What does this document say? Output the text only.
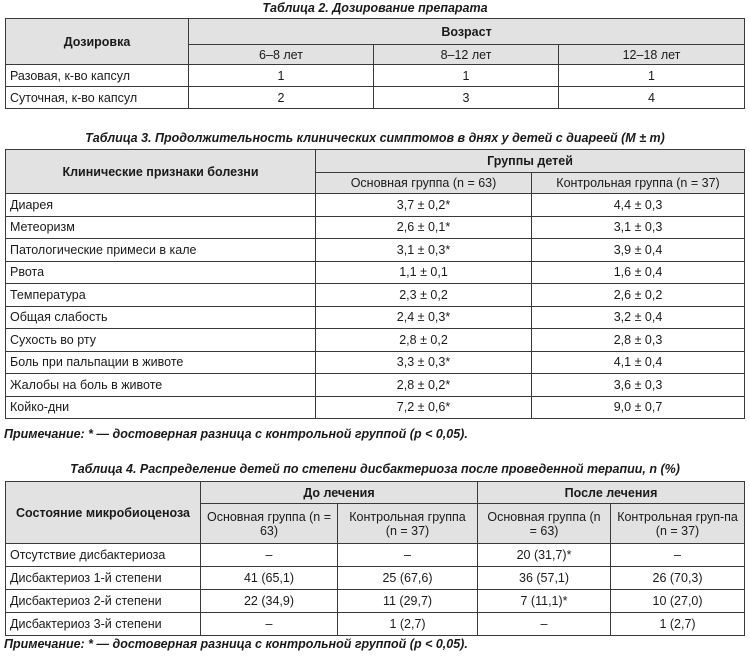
Таблица 2. Дозирование препарата
Дозировка	Возраст		
	6–8 лет	8–12 лет	12–18 лет
Разовая, к-во капсул	1	1	1
Суточная, к-во капсул	2	3	4
Таблица 3. Продолжительность клинических симптомов в днях у детей с диареей (M ± m)
Клинические признаки болезни	Группы детей	
	Основная группа (n = 63)	Контрольная группа (n = 37)
Диарея	3,7 ± 0,2*	4,4 ± 0,3
Метеоризм	2,6 ± 0,1*	3,1 ± 0,3
Патологические примеси в кале	3,1 ± 0,3*	3,9 ± 0,4
Рвота	1,1 ± 0,1	1,6 ± 0,4
Температура	2,3 ± 0,2	2,6 ± 0,2
Общая слабость	2,4 ± 0,3*	3,2 ± 0,4
Сухость во рту	2,8 ± 0,2	2,8 ± 0,3
Боль при пальпации в животе	3,3 ± 0,3*	4,1 ± 0,4
Жалобы на боль в животе	2,8 ± 0,2*	3,6 ± 0,3
Койко-дни	7,2 ± 0,6*	9,0 ± 0,7
Примечание: * — достоверная разница с контрольной группой (p < 0,05).
Таблица 4. Распределение детей по степени дисбактериоза после проведенной терапии, n (%)
Состояние микробиоценоза	До лечения		После лечения	
	Основная группа (n = 63)	Контрольная группа (n = 37)	Основная группа (n = 63)	Контрольная груп-па (n = 37)
Отсутствие дисбактериоза	–	–	20 (31,7)*	–
Дисбактериоз 1-й степени	41 (65,1)	25 (67,6)	36 (57,1)	26 (70,3)
Дисбактериоз 2-й степени	22 (34,9)	11 (29,7)	7 (11,1)*	10 (27,0)
Дисбактериоз 3-й степени	–	1 (2,7)	–	1 (2,7)
Примечание: * — достоверная разница с контрольной группой (p < 0,05).
